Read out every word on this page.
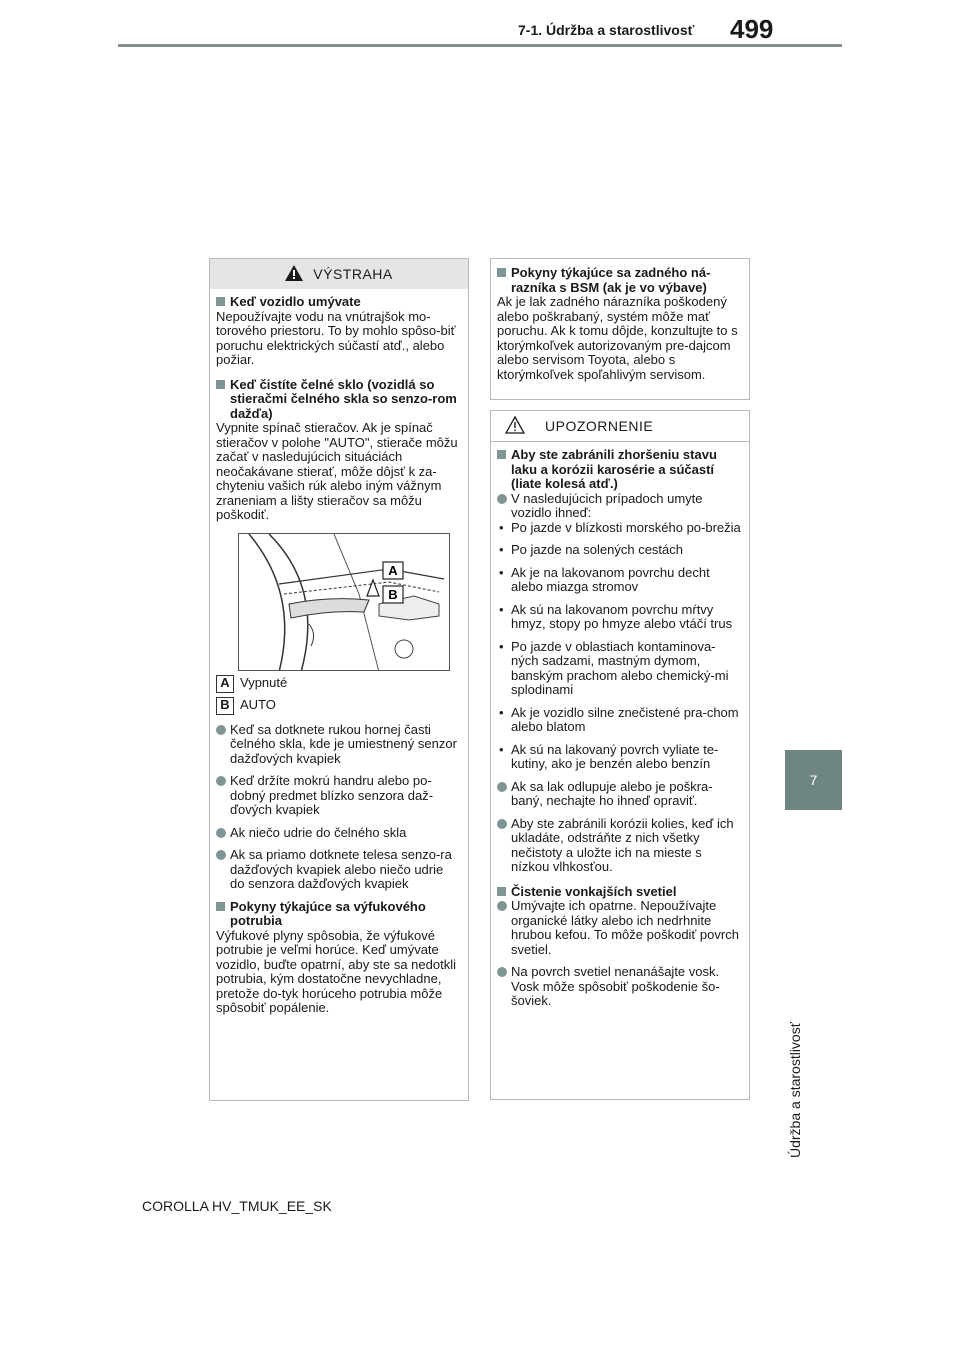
7-1. Údržba a starostlivosť 499
7
Údržba a starostlivosť
COROLLA HV_TMUK_EE_SK
VÝSTRAHA
Keď vozidlo umývate
Nepoužívajte vodu na vnútrajšok mo-torového priestoru. To by mohlo spôso-biť poruchu elektrických súčastí atď., alebo požiar.
Keď čistíte čelné sklo (vozidlá so stieračmi čelného skla so senzo-rom dažďa)
Vypnite spínač stieračov. Ak je spínač stieračov v polohe "AUTO", stierače môžu začať v nasledujúcich situáciách neočakávane stierať, môže dôjsť k za-chyteniu vašich rúk alebo iným vážnym zraneniam a lišty stieračov sa môžu poškodiť.
A
B
A Vypnuté
B AUTO
Keď sa dotknete rukou hornej časti čelného skla, kde je umiestnený senzor dažďových kvapiek
Keď držíte mokrú handru alebo po-dobný predmet blízko senzora daž-ďových kvapiek
Ak niečo udrie do čelného skla
Ak sa priamo dotknete telesa senzo-ra dažďových kvapiek alebo niečo udrie do senzora dažďových kvapiek
Pokyny týkajúce sa výfukového potrubia
Výfukové plyny spôsobia, že výfukové potrubie je veľmi horúce. Keď umývate vozidlo, buďte opatrní, aby ste sa nedotkli potrubia, kým dostatočne nevychladne, pretože do-tyk horúceho potrubia môže spôsobiť popálenie.
Pokyny týkajúce sa zadného ná-razníka s BSM (ak je vo výbave)
Ak je lak zadného nárazníka poškodený alebo poškrabaný, systém môže mať poruchu. Ak k tomu dôjde, konzultujte to s ktorýmkoľvek autorizovaným pre-dajcom alebo servisom Toyota, alebo s ktorýmkoľvek spoľahlivým servisom.
UPOZORNENIE
Aby ste zabránili zhoršeniu stavu laku a korózii karosérie a súčastí (liate kolesá atď.)
V nasledujúcich prípadoch umyte vozidlo ihneď:
• Po jazde v blízkosti morského po-brežia
• Po jazde na solených cestách
• Ak je na lakovanom povrchu decht alebo miazga stromov
• Ak sú na lakovanom povrchu mŕtvy hmyz, stopy po hmyze alebo vtáčí trus
• Po jazde v oblastiach kontaminova-ných sadzami, mastným dymom, banským prachom alebo chemický-mi splodinami
• Ak je vozidlo silne znečistené pra-chom alebo blatom
• Ak sú na lakovaný povrch vyliate te-kutiny, ako je benzén alebo benzín
Ak sa lak odlupuje alebo je poškra-baný, nechajte ho ihneď opraviť.
Aby ste zabránili korózii kolies, keď ich ukladáte, odstráňte z nich všetky nečistoty a uložte ich na mieste s nízkou vlhkosťou.
Čistenie vonkajších svetiel
Umývajte ich opatrne. Nepoužívajte organické látky alebo ich nedrhnite hrubou kefou. To môže poškodiť povrch svetiel.
Na povrch svetiel nenanášajte vosk. Vosk môže spôsobiť poškodenie šo-šoviek.
